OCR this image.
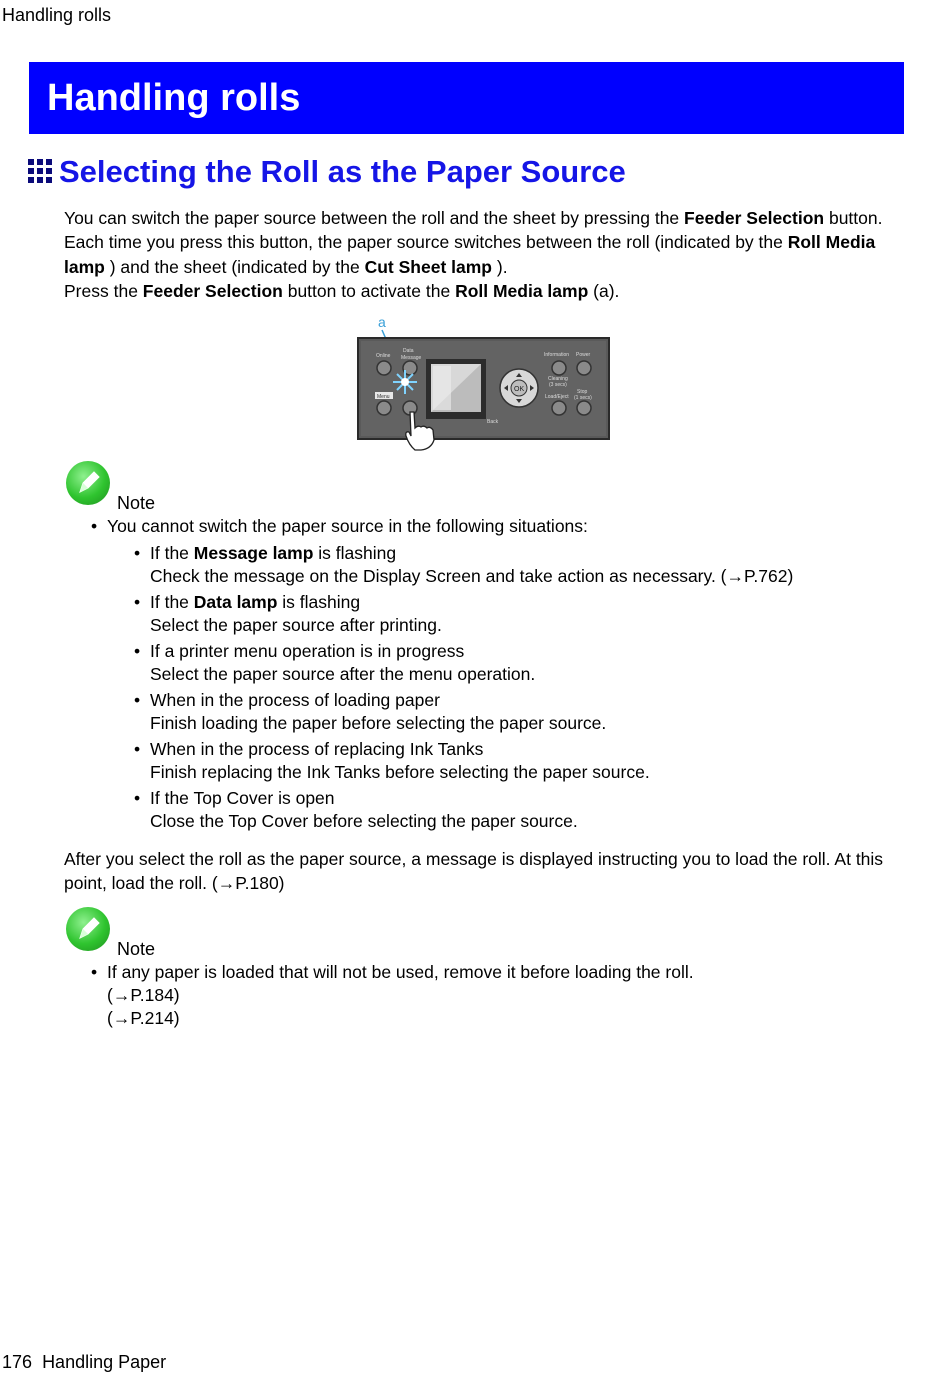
Handling rolls
Handling rolls
Selecting the Roll as the Paper Source
You can switch the paper source between the roll and the sheet by pressing the Feeder Selection button.
Each time you press this button, the paper source switches between the roll (indicated by the Roll Media
lamp ) and the sheet (indicated by the Cut Sheet lamp ).
Press the Feeder Selection button to activate the Roll Media lamp (a).
a
Online
Data
Message
Menu
OK
Back
Information Power
Cleaning
(3 secs)
Load/Eject
Stop
(1 secs)
Note
• You cannot switch the paper source in the following situations:
• If the Message lamp is flashing
Check the message on the Display Screen and take action as necessary. (→P.762)
• If the Data lamp is flashing
Select the paper source after printing.
• If a printer menu operation is in progress
Select the paper source after the menu operation.
• When in the process of loading paper
Finish loading the paper before selecting the paper source.
• When in the process of replacing Ink Tanks
Finish replacing the Ink Tanks before selecting the paper source.
• If the Top Cover is open
Close the Top Cover before selecting the paper source.
After you select the roll as the paper source, a message is displayed instructing you to load the roll. At this
point, load the roll. (→P.180)
Note
• If any paper is loaded that will not be used, remove it before loading the roll.
(→P.184)
(→P.214)
176 Handling Paper
